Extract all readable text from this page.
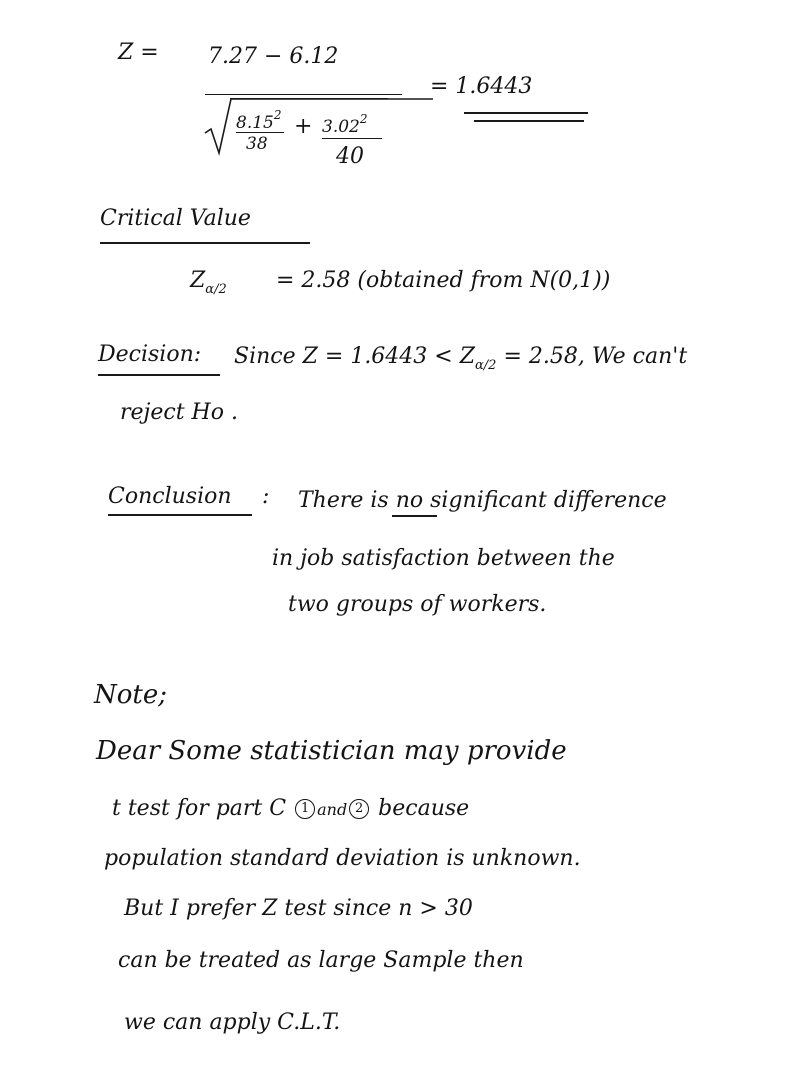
Z = 7.27 − 6.12
8.15$^2$
38
+ $3.02^2$
40
= 1.6443
Critical Value
$Z_{\alpha/2} = 2.58$ (obtained from N(0,1))
Decision: Since $Z = 1.6443 < Z_{\alpha/2} = 2.58$, We can't
reject Ho .
Conclusion : There is no
significant difference
in job satisfaction between the
two groups of workers.
Note;
Dear Some statistician may provide
t test for part C 1 and 2 because
population standard deviation is unknown.
But I prefer Z test since n > 30
can be treated as large Sample then
we can apply C.L.T.
